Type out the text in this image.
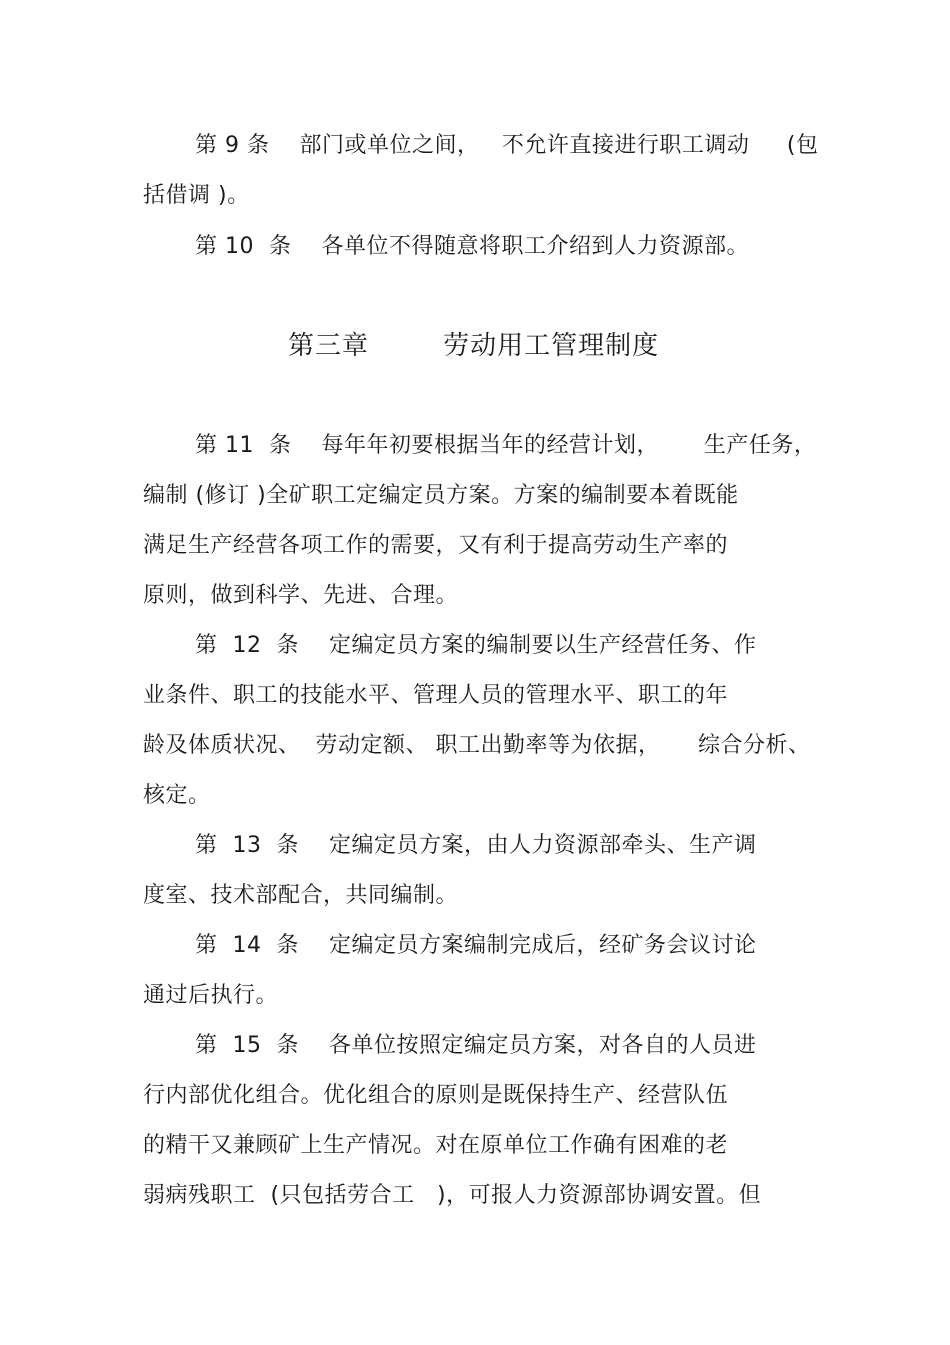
第 9 条    部门或单位之间，   不允许直接进行职工调动     (包
括借调 )。
第 10  条    各单位不得随意将职工介绍到人力资源部。
第三章        劳动用工管理制度
第 11  条    每年年初要根据当年的经营计划，      生产任务，
编制 (修订 )全矿职工定编定员方案。方案的编制要本着既能
满足生产经营各项工作的需要，又有利于提高劳动生产率的
原则，做到科学、先进、合理。
第  12  条    定编定员方案的编制要以生产经营任务、作
业条件、职工的技能水平、管理人员的管理水平、职工的年
龄及体质状况、  劳动定额、 职工出勤率等为依据，     综合分析、
核定。
第  13  条    定编定员方案，由人力资源部牵头、生产调
度室、技术部配合，共同编制。
第  14  条    定编定员方案编制完成后，经矿务会议讨论
通过后执行。
第  15  条    各单位按照定编定员方案，对各自的人员进
行内部优化组合。优化组合的原则是既保持生产、经营队伍
的精干又兼顾矿上生产情况。对在原单位工作确有困难的老
弱病残职工  (只包括劳合工   )，可报人力资源部协调安置。但
